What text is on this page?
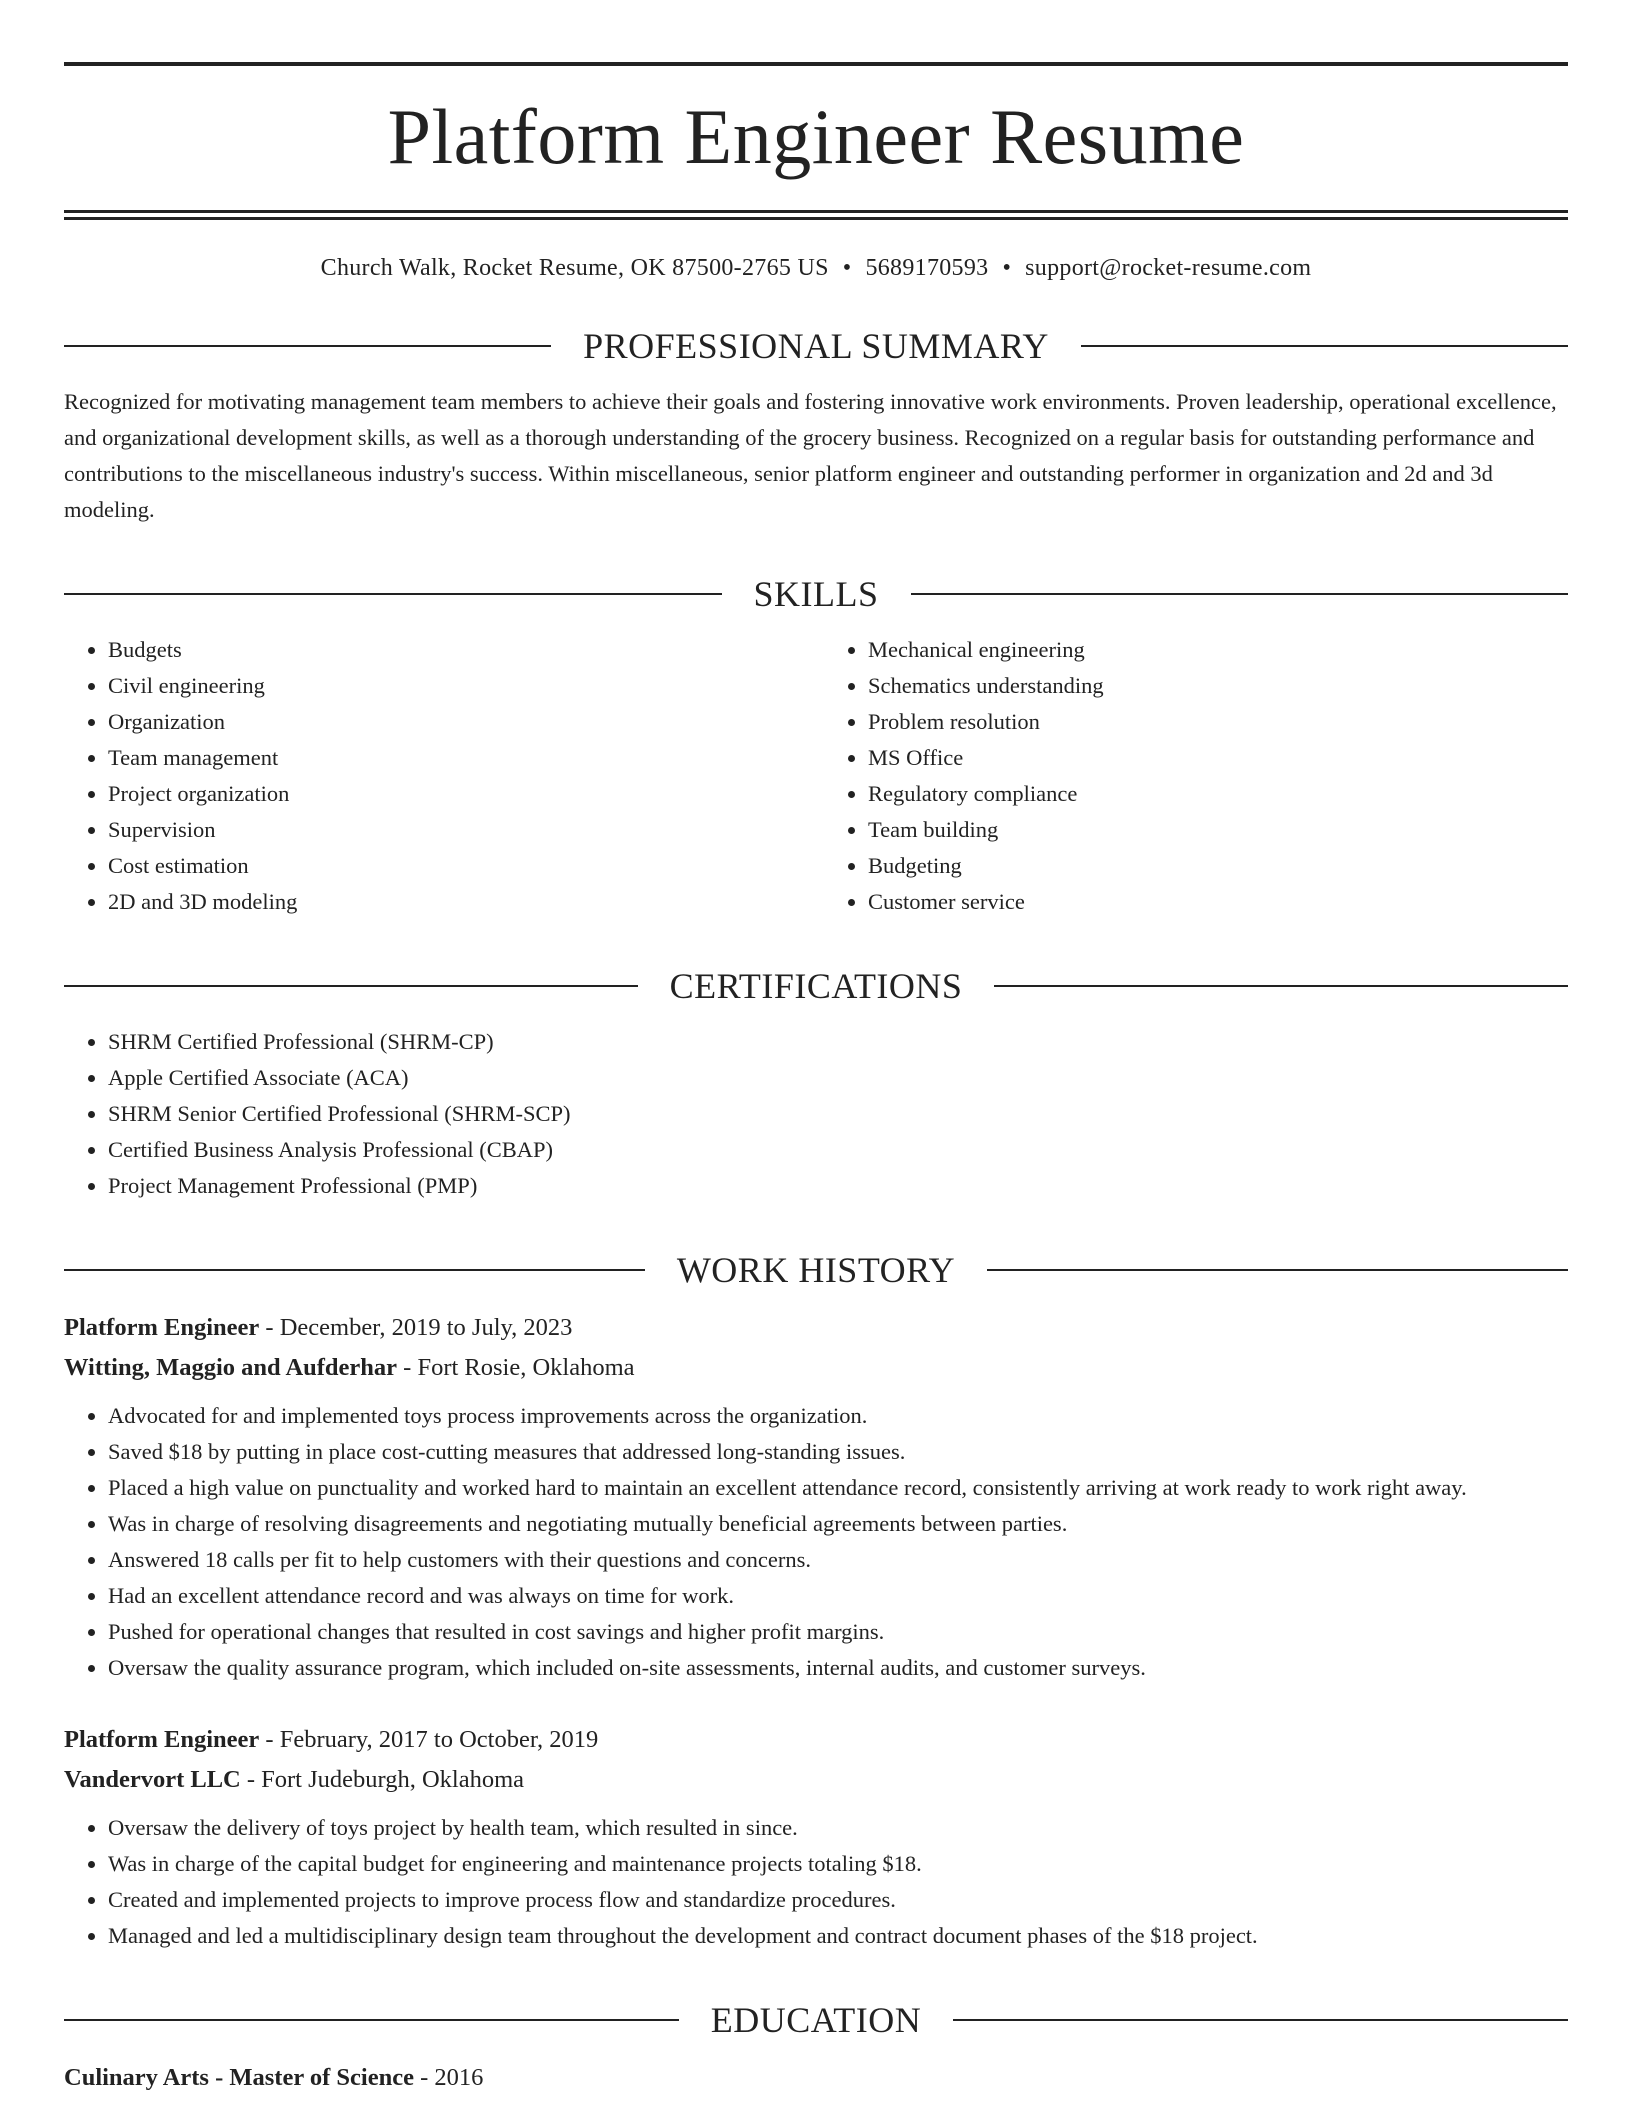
Platform Engineer Resume
Church Walk, Rocket Resume, OK 87500-2765 US • 5689170593 • support@rocket-resume.com
PROFESSIONAL SUMMARY

Recognized for motivating management team members to achieve their goals and fostering innovative work environments. Proven leadership, operational excellence, and organizational development skills, as well as a thorough understanding of the grocery business. Recognized on a regular basis for outstanding performance and contributions to the miscellaneous industry's success. Within miscellaneous, senior platform engineer and outstanding performer in organization and 2d and 3d modeling.

SKILLS
• Budgets
• Civil engineering
• Organization
• Team management
• Project organization
• Supervision
• Cost estimation
• 2D and 3D modeling
• Mechanical engineering
• Schematics understanding
• Problem resolution
• MS Office
• Regulatory compliance
• Team building
• Budgeting
• Customer service
CERTIFICATIONS
• SHRM Certified Professional (SHRM-CP)
• Apple Certified Associate (ACA)
• SHRM Senior Certified Professional (SHRM-SCP)
• Certified Business Analysis Professional (CBAP)
• Project Management Professional (PMP)
WORK HISTORY
Platform Engineer - December, 2019 to July, 2023
Witting, Maggio and Aufderhar - Fort Rosie, Oklahoma
• Advocated for and implemented toys process improvements across the organization.
• Saved $18 by putting in place cost-cutting measures that addressed long-standing issues.
• Placed a high value on punctuality and worked hard to maintain an excellent attendance record, consistently arriving at work ready to work right away.
• Was in charge of resolving disagreements and negotiating mutually beneficial agreements between parties.
• Answered 18 calls per fit to help customers with their questions and concerns.
• Had an excellent attendance record and was always on time for work.
• Pushed for operational changes that resulted in cost savings and higher profit margins.
• Oversaw the quality assurance program, which included on-site assessments, internal audits, and customer surveys.
Platform Engineer - February, 2017 to October, 2019
Vandervort LLC - Fort Judeburgh, Oklahoma
• Oversaw the delivery of toys project by health team, which resulted in since.
• Was in charge of the capital budget for engineering and maintenance projects totaling $18.
• Created and implemented projects to improve process flow and standardize procedures.
• Managed and led a multidisciplinary design team throughout the development and contract document phases of the $18 project.
EDUCATION
Culinary Arts - Master of Science - 2016
